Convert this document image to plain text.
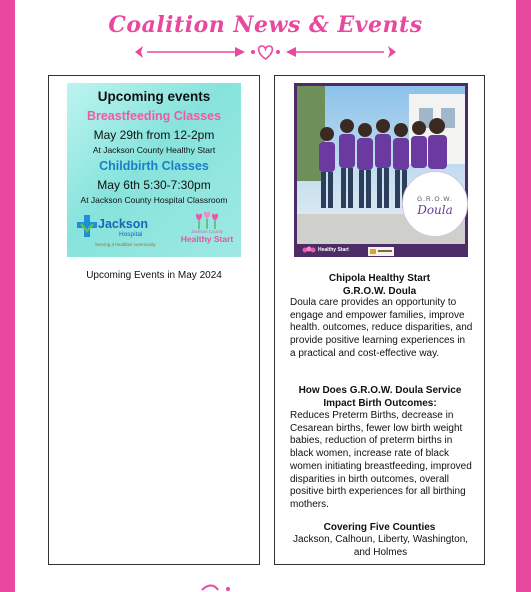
Coalition News & Events
Upcoming events
Breastfeeding Classes
May 29th from 12-2pm
At Jackson County Healthy Start
Childbirth Classes
May 6th 5:30-7:30pm
At Jackson County Hospital Classroom
Jackson
Hospital
Serving a healthier community
Jackson County
Healthy Start
Upcoming Events in May 2024
G.R.O.W.
Doula
Healthy Start
Chipola Healthy Start
G.R.O.W. Doula
Doula care provides an opportunity to engage and empower families, improve health. outcomes, reduce disparities, and provide positive learning experiences in a practical and cost-effective way.
How Does G.R.O.W. Doula Service Impact Birth Outcomes:
Reduces Preterm Births, decrease in Cesarean births, fewer low birth weight babies, reduction of preterm births in black women, increase rate of black women initiating breastfeeding, improved disparities in birth outcomes, overall positive birth experiences for all birthing mothers.
Covering Five Counties
Jackson, Calhoun, Liberty, Washington, and Holmes
